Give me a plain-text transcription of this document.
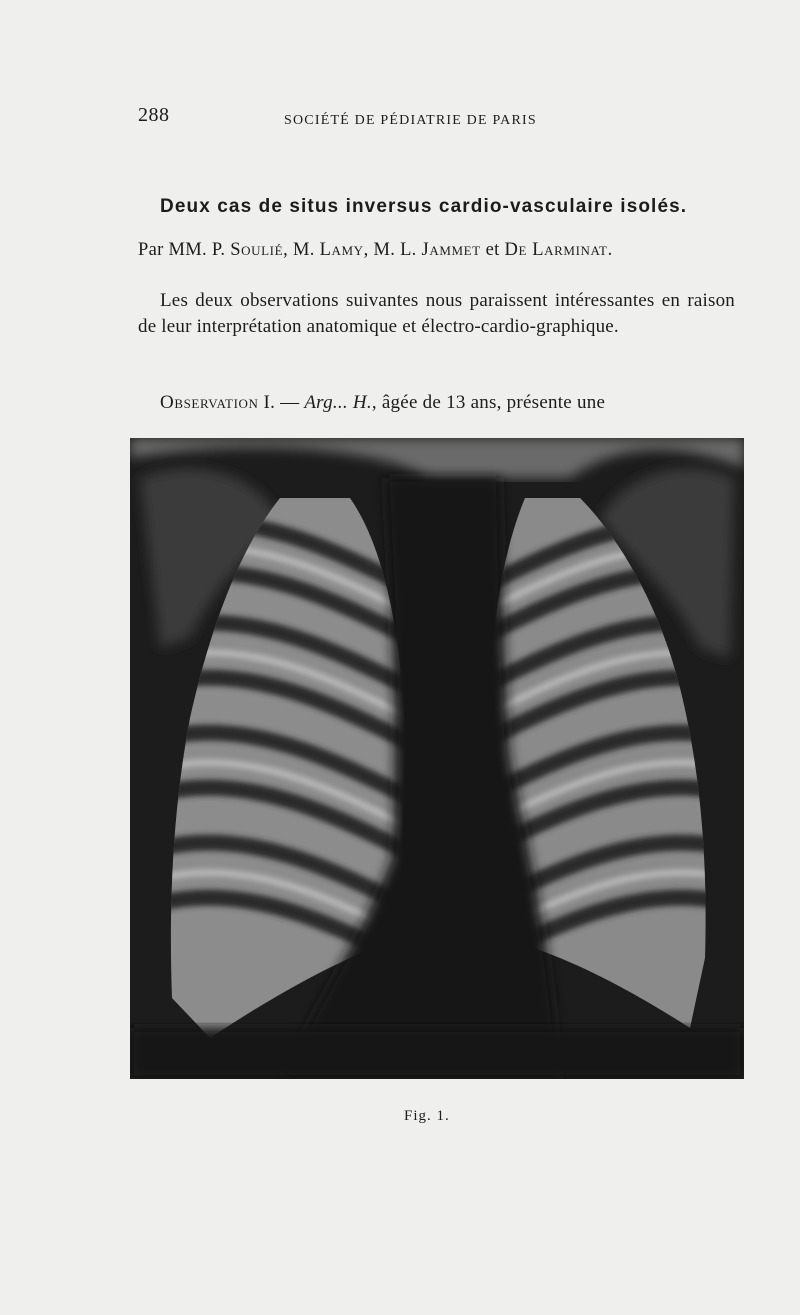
288	SOCIÉTÉ DE PÉDIATRIE DE PARIS
Deux cas de situs inversus cardio-vasculaire isolés.
Par MM. P. Soulié, M. Lamy, M. L. Jammet et De Larminat.
Les deux observations suivantes nous paraissent intéressantes en raison de leur interprétation anatomique et électro-cardio-graphique.
Observation I. — Arg... H., âgée de 13 ans, présente une
Fig. 1.
